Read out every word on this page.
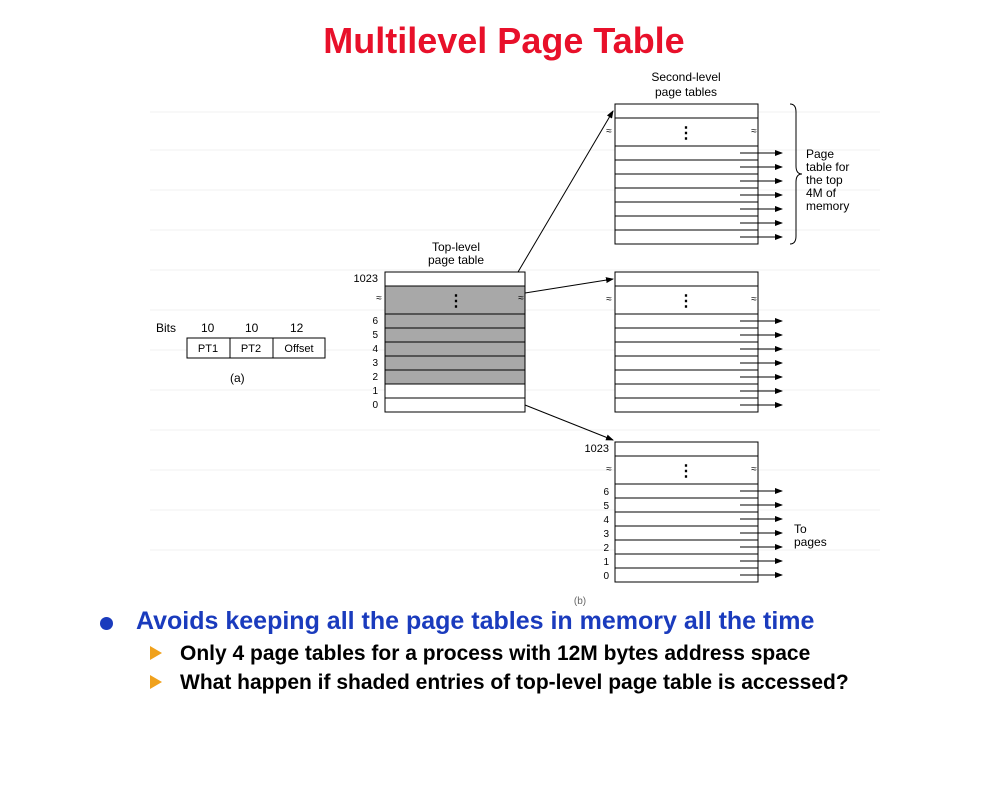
Multilevel Page Table
Bits 10	10	12
PT1 PT2 Offset
(a)
Top-level
page table
1023
⋮
≈	≈
6
5
4
3
2
1
0
Second-level
page tables
⋮
≈	≈
Page
table for
the top
4M of
memory
⋮
≈	≈
1023
⋮
≈	≈
6
5
4
3
2
1
0
To
pages
(b)
Avoids keeping all the page tables in memory all the time
Only 4 page tables for a process with 12M bytes address space
What happen if shaded entries of top-level page table is accessed?
